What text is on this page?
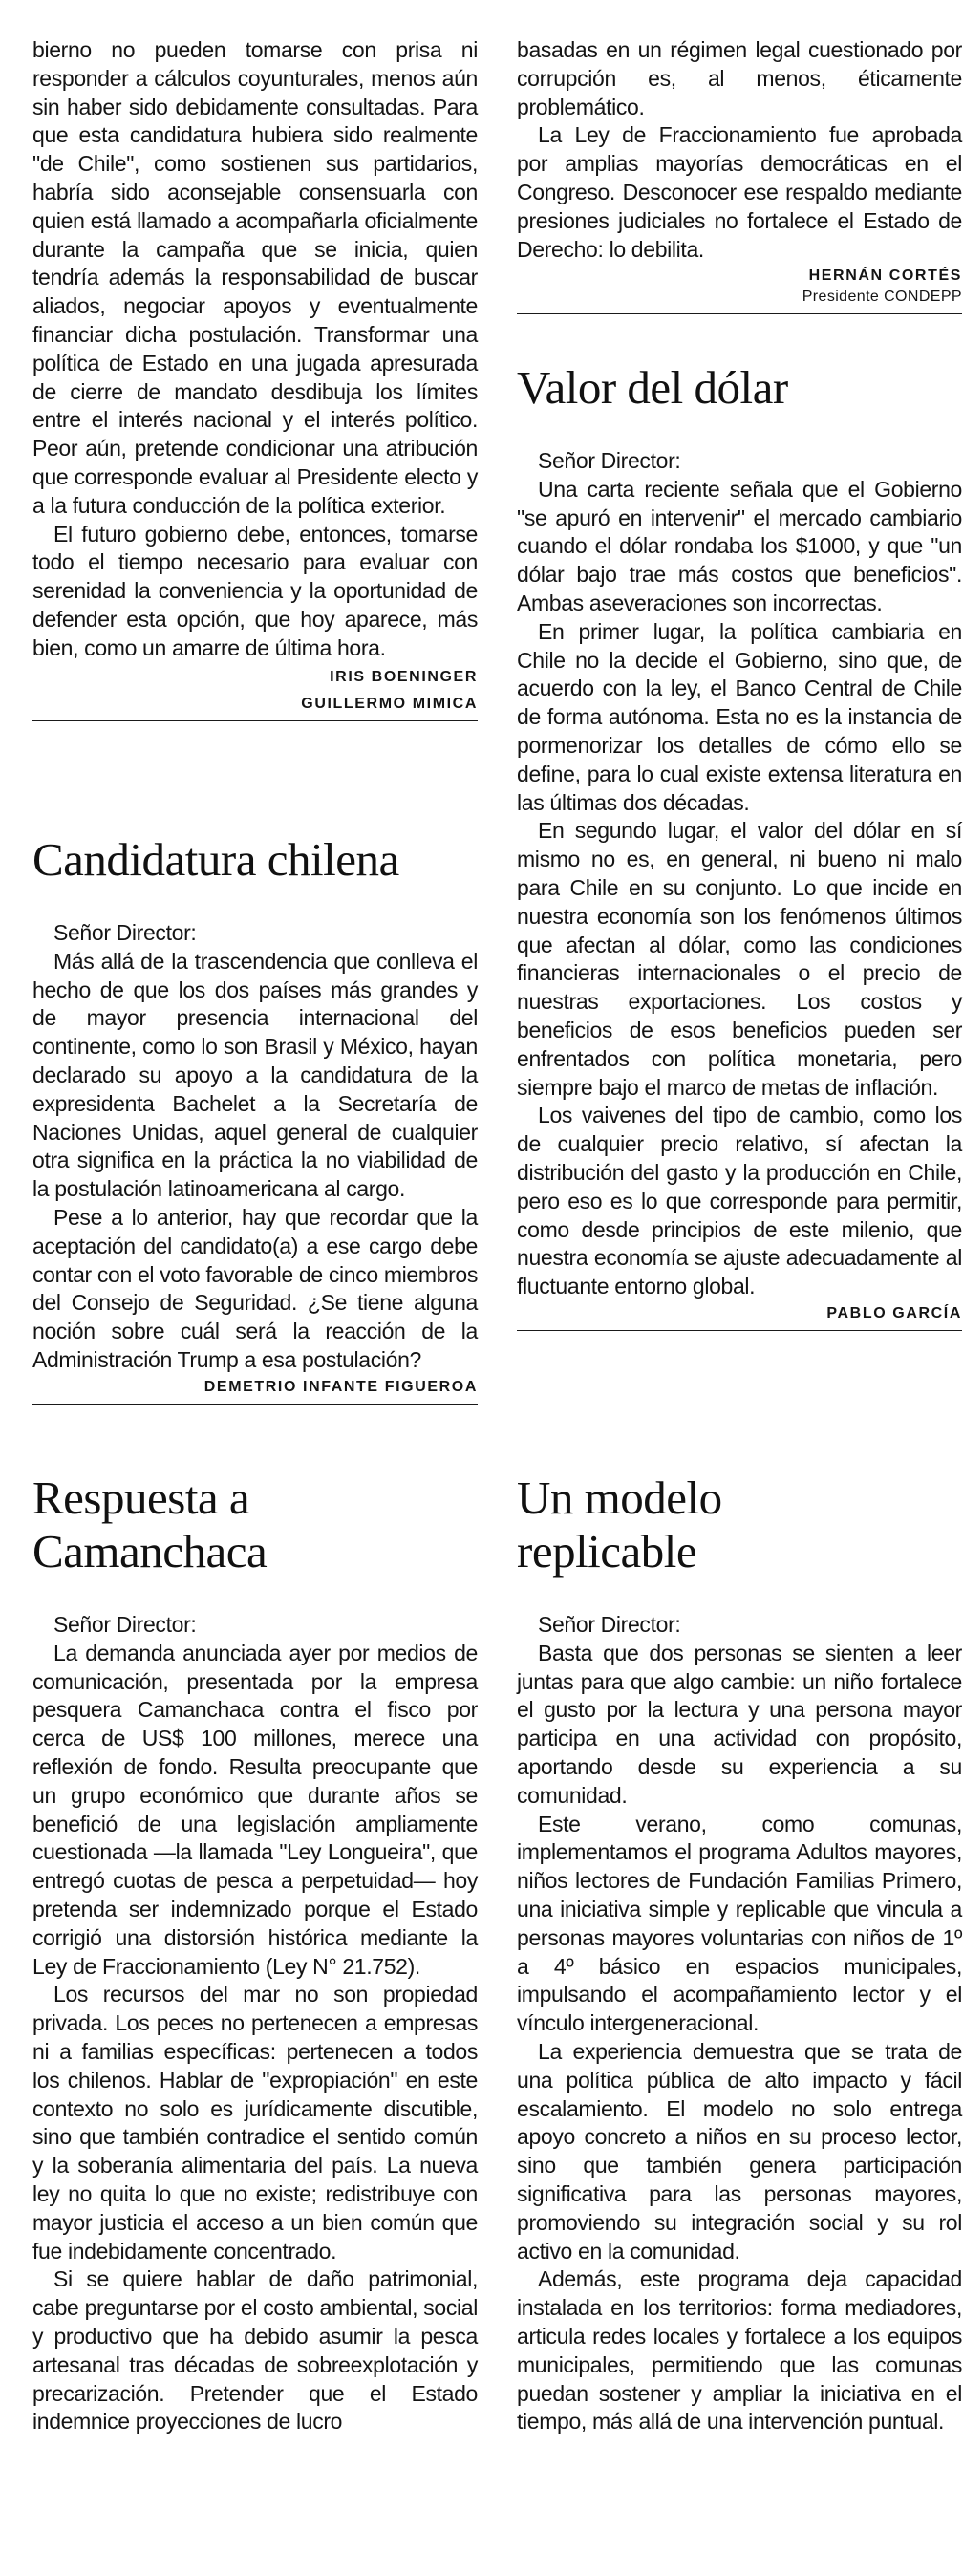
bierno no pueden tomarse con prisa ni responder a cálculos coyunturales, menos aún sin haber sido debidamente consultadas. Para que esta candidatura hubiera sido realmente "de Chile", como sostienen sus partidarios, habría sido aconsejable consensuarla con quien está llamado a acompañarla oficialmente durante la campaña que se inicia, quien tendría además la responsabilidad de buscar aliados, negociar apoyos y eventualmente financiar dicha postulación. Transformar una política de Estado en una jugada apresurada de cierre de mandato desdibuja los límites entre el interés nacional y el interés político. Peor aún, pretende condicionar una atribución que corresponde evaluar al Presidente electo y a la futura conducción de la política exterior.

El futuro gobierno debe, entonces, tomarse todo el tiempo necesario para evaluar con serenidad la conveniencia y la oportunidad de defender esta opción, que hoy aparece, más bien, como un amarre de última hora.

IRIS BOENINGER

GUILLERMO MIMICA

Candidatura chilena

Señor Director:

Más allá de la trascendencia que conlleva el hecho de que los dos países más grandes y de mayor presencia internacional del continente, como lo son Brasil y México, hayan declarado su apoyo a la candidatura de la expresidenta Bachelet a la Secretaría de Naciones Unidas, aquel general de cualquier otra significa en la práctica la no viabilidad de la postulación latinoamericana al cargo.

Pese a lo anterior, hay que recordar que la aceptación del candidato(a) a ese cargo debe contar con el voto favorable de cinco miembros del Consejo de Seguridad. ¿Se tiene alguna noción sobre cuál será la reacción de la Administración Trump a esa postulación?

DEMETRIO INFANTE FIGUEROA

Respuesta a
Camanchaca

Señor Director:

La demanda anunciada ayer por medios de comunicación, presentada por la empresa pesquera Camanchaca contra el fisco por cerca de US$ 100 millones, merece una reflexión de fondo. Resulta preocupante que un grupo económico que durante años se benefició de una legislación ampliamente cuestionada —la llamada "Ley Longueira", que entregó cuotas de pesca a perpetuidad— hoy pretenda ser indemnizado porque el Estado corrigió una distorsión histórica mediante la Ley de Fraccionamiento (Ley N° 21.752).

Los recursos del mar no son propiedad privada. Los peces no pertenecen a empresas ni a familias específicas: pertenecen a todos los chilenos. Hablar de "expropiación" en este contexto no solo es jurídicamente discutible, sino que también contradice el sentido común y la soberanía alimentaria del país. La nueva ley no quita lo que no existe; redistribuye con mayor justicia el acceso a un bien común que fue indebidamente concentrado.

Si se quiere hablar de daño patrimonial, cabe preguntarse por el costo ambiental, social y productivo que ha debido asumir la pesca artesanal tras décadas de sobreexplotación y precarización. Pretender que el Estado indemnice proyecciones de lucro

basadas en un régimen legal cuestionado por corrupción es, al menos, éticamente problemático.

La Ley de Fraccionamiento fue aprobada por amplias mayorías democráticas en el Congreso. Desconocer ese respaldo mediante presiones judiciales no fortalece el Estado de Derecho: lo debilita.

HERNÁN CORTÉS

Presidente CONDEPP

Valor del dólar

Señor Director:

Una carta reciente señala que el Gobierno "se apuró en intervenir" el mercado cambiario cuando el dólar rondaba los $1000, y que "un dólar bajo trae más costos que beneficios". Ambas aseveraciones son incorrectas.

En primer lugar, la política cambiaria en Chile no la decide el Gobierno, sino que, de acuerdo con la ley, el Banco Central de Chile de forma autónoma. Esta no es la instancia de pormenorizar los detalles de cómo ello se define, para lo cual existe extensa literatura en las últimas dos décadas.

En segundo lugar, el valor del dólar en sí mismo no es, en general, ni bueno ni malo para Chile en su conjunto. Lo que incide en nuestra economía son los fenómenos últimos que afectan al dólar, como las condiciones financieras internacionales o el precio de nuestras exportaciones. Los costos y beneficios de esos beneficios pueden ser enfrentados con política monetaria, pero siempre bajo el marco de metas de inflación.

Los vaivenes del tipo de cambio, como los de cualquier precio relativo, sí afectan la distribución del gasto y la producción en Chile, pero eso es lo que corresponde para permitir, como desde principios de este milenio, que nuestra economía se ajuste adecuadamente al fluctuante entorno global.

PABLO GARCÍA

Un modelo
replicable

Señor Director:

Basta que dos personas se sienten a leer juntas para que algo cambie: un niño fortalece el gusto por la lectura y una persona mayor participa en una actividad con propósito, aportando desde su experiencia a su comunidad.

Este verano, como comunas, implementamos el programa Adultos mayores, niños lectores de Fundación Familias Primero, una iniciativa simple y replicable que vincula a personas mayores voluntarias con niños de 1º a 4º básico en espacios municipales, impulsando el acompañamiento lector y el vínculo intergeneracional.

La experiencia demuestra que se trata de una política pública de alto impacto y fácil escalamiento. El modelo no solo entrega apoyo concreto a niños en su proceso lector, sino que también genera participación significativa para las personas mayores, promoviendo su integración social y su rol activo en la comunidad.

Además, este programa deja capacidad instalada en los territorios: forma mediadores, articula redes locales y fortalece a los equipos municipales, permitiendo que las comunas puedan sostener y ampliar la iniciativa en el tiempo, más allá de una intervención puntual.
